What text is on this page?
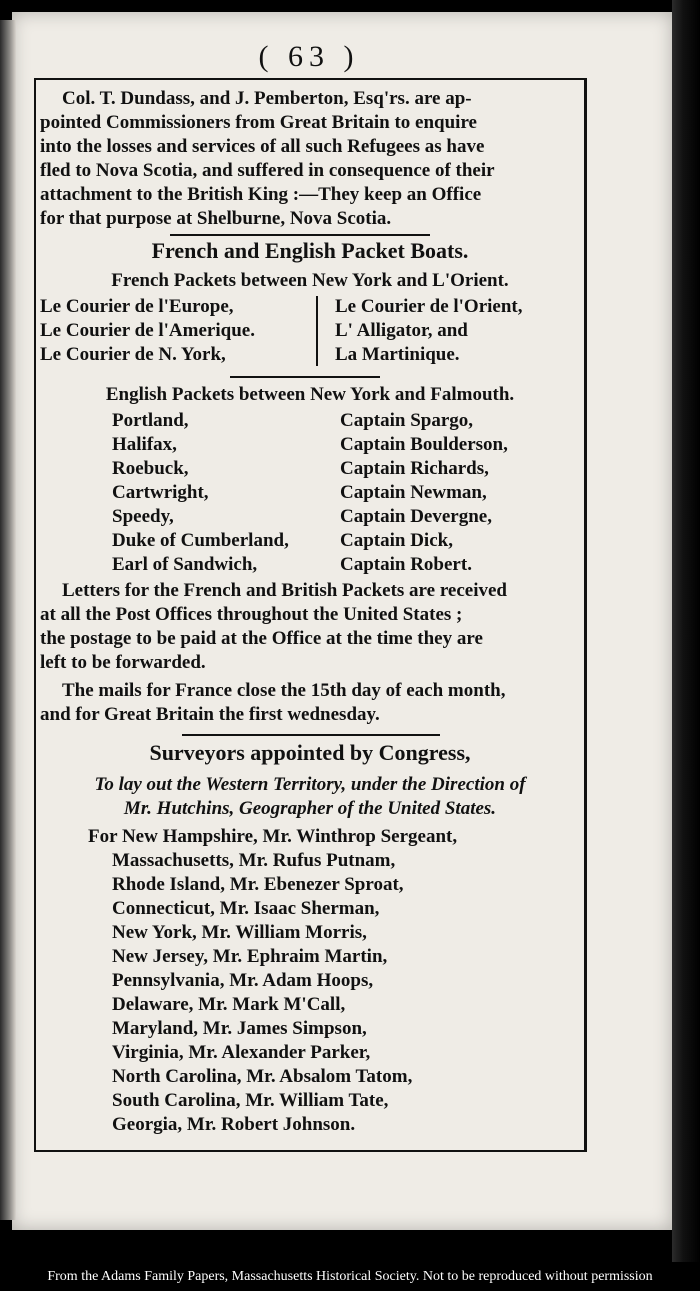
( 63 )
Col. T. Dundass, and J. Pemberton, Esq'rs. are ap-
pointed Commissioners from Great Britain to enquire
into the losses and services of all such Refugees as have
fled to Nova Scotia, and suffered in consequence of their
attachment to the British King :—They keep an Office
for that purpose at Shelburne, Nova Scotia.
French and English Packet Boats.
French Packets between New York and L'Orient.
Le Courier de l'Europe,
Le Courier de l'Amerique.
Le Courier de N. York,
Le Courier de l'Orient,
L' Alligator, and
La Martinique.
English Packets between New York and Falmouth.
Portland,
Halifax,
Roebuck,
Cartwright,
Speedy,
Duke of Cumberland,
Earl of Sandwich,
Captain Spargo,
Captain Boulderson,
Captain Richards,
Captain Newman,
Captain Devergne,
Captain Dick,
Captain Robert.
Letters for the French and British Packets are received
at all the Post Offices throughout the United States ;
the postage to be paid at the Office at the time they are
left to be forwarded.
The mails for France close the 15th day of each month,
and for Great Britain the first wednesday.
Surveyors appointed by Congress,
To lay out the Western Territory, under the Direction of
Mr. Hutchins, Geographer of the United States.
For New Hampshire, Mr. Winthrop Sergeant,
Massachusetts, Mr. Rufus Putnam,
Rhode Island, Mr. Ebenezer Sproat,
Connecticut, Mr. Isaac Sherman,
New York, Mr. William Morris,
New Jersey, Mr. Ephraim Martin,
Pennsylvania, Mr. Adam Hoops,
Delaware, Mr. Mark M'Call,
Maryland, Mr. James Simpson,
Virginia, Mr. Alexander Parker,
North Carolina, Mr. Absalom Tatom,
South Carolina, Mr. William Tate,
Georgia, Mr. Robert Johnson.
From the Adams Family Papers, Massachusetts Historical Society. Not to be reproduced without permission
